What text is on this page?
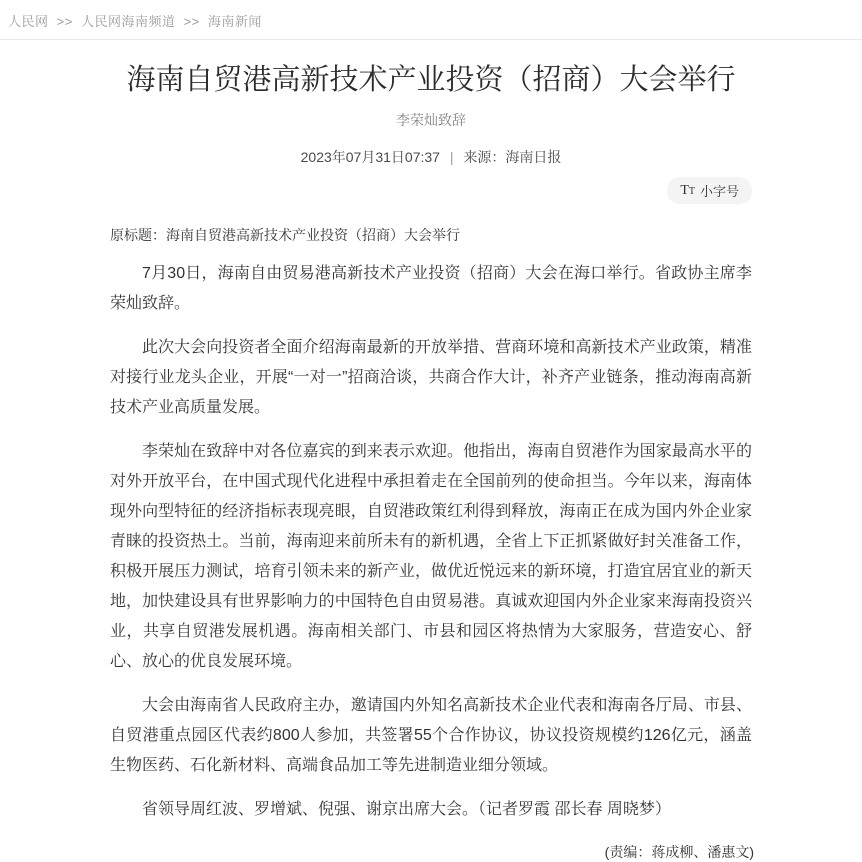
人民网 >> 人民网海南频道 >> 海南新闻
海南自贸港高新技术产业投资（招商）大会举行
李荣灿致辞
2023年07月31日07:37 | 来源：海南日报
TT 小字号
原标题：海南自贸港高新技术产业投资（招商）大会举行

7月30日，海南自由贸易港高新技术产业投资（招商）大会在海口举行。省政协主席李荣灿致辞。

此次大会向投资者全面介绍海南最新的开放举措、营商环境和高新技术产业政策，精准对接行业龙头企业，开展“一对一”招商洽谈，共商合作大计，补齐产业链条，推动海南高新技术产业高质量发展。

李荣灿在致辞中对各位嘉宾的到来表示欢迎。他指出，海南自贸港作为国家最高水平的对外开放平台，在中国式现代化进程中承担着走在全国前列的使命担当。今年以来，海南体现外向型特征的经济指标表现亮眼，自贸港政策红利得到释放，海南正在成为国内外企业家青睐的投资热土。当前，海南迎来前所未有的新机遇，全省上下正抓紧做好封关准备工作，积极开展压力测试，培育引领未来的新产业，做优近悦远来的新环境，打造宜居宜业的新天地，加快建设具有世界影响力的中国特色自由贸易港。真诚欢迎国内外企业家来海南投资兴业，共享自贸港发展机遇。海南相关部门、市县和园区将热情为大家服务，营造安心、舒心、放心的优良发展环境。

大会由海南省人民政府主办，邀请国内外知名高新技术企业代表和海南各厅局、市县、自贸港重点园区代表约800人参加，共签署55个合作协议，协议投资规模约126亿元，涵盖生物医药、石化新材料、高端食品加工等先进制造业细分领域。

省领导周红波、罗增斌、倪强、谢京出席大会。（记者罗霞 邵长春 周晓梦）

(责编：蒋成柳、潘惠文)
